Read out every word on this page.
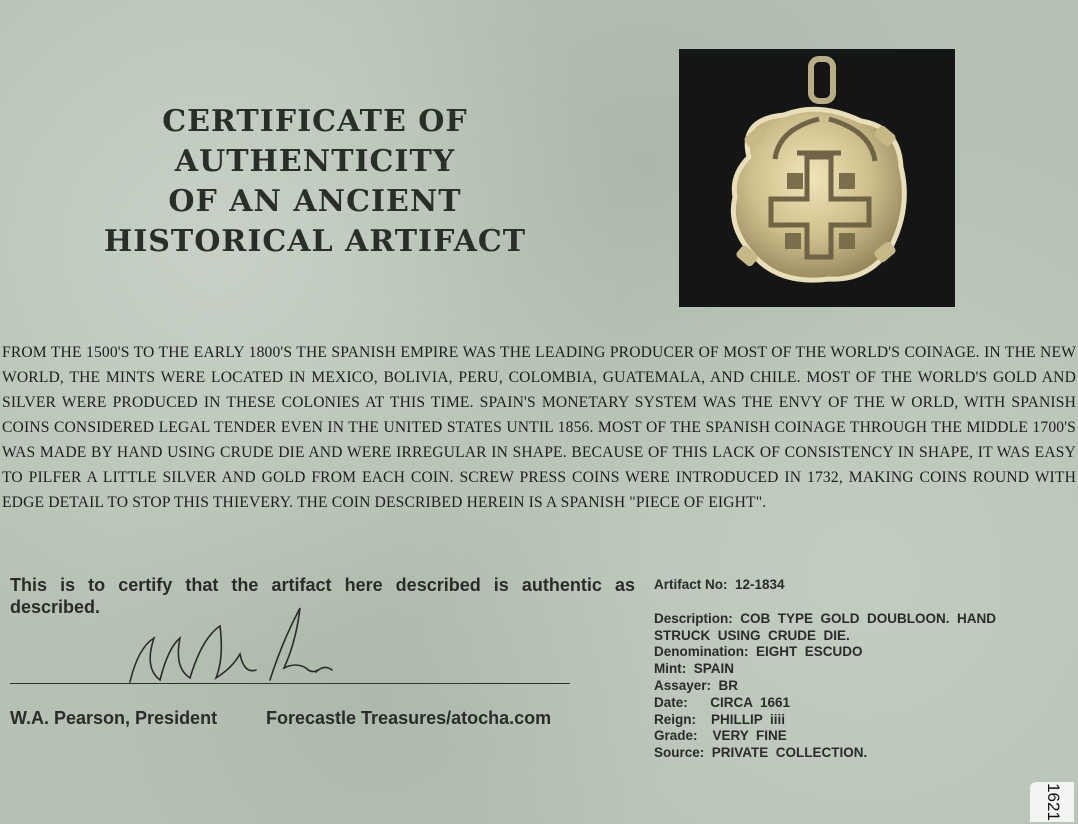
CERTIFICATE OF AUTHENTICITY
OF AN ANCIENT
HISTORICAL ARTIFACT
FROM THE 1500'S TO THE EARLY 1800'S THE SPANISH EMPIRE WAS THE LEADING PRODUCER OF MOST OF THE WORLD'S COINAGE. IN THE NEW WORLD, THE MINTS WERE LOCATED IN MEXICO, BOLIVIA, PERU, COLOMBIA, GUATEMALA, AND CHILE. MOST OF THE WORLD'S GOLD AND SILVER WERE PRODUCED IN THESE COLONIES AT THIS TIME. SPAIN'S MONETARY SYSTEM WAS THE ENVY OF THE W ORLD, WITH SPANISH COINS CONSIDERED LEGAL TENDER EVEN IN THE UNITED STATES UNTIL 1856. MOST OF THE SPANISH COINAGE THROUGH THE MIDDLE 1700'S WAS MADE BY HAND USING CRUDE DIE AND WERE IRREGULAR IN SHAPE. BECAUSE OF THIS LACK OF CONSISTENCY IN SHAPE, IT WAS EASY TO PILFER A LITTLE SILVER AND GOLD FROM EACH COIN. SCREW PRESS COINS WERE INTRODUCED IN 1732, MAKING COINS ROUND WITH EDGE DETAIL TO STOP THIS THIEVERY. THE COIN DESCRIBED HEREIN IS A SPANISH "PIECE OF EIGHT".
This is to certify that the artifact here described is authentic as described.
W.A. Pearson, President	Forecastle Treasures/atocha.com
Artifact No:  12-1834
Description:  COB  TYPE  GOLD  DOUBLOON.  HAND STRUCK  USING  CRUDE  DIE.
Denomination:  EIGHT  ESCUDO
Mint:  SPAIN
Assayer:  BR
Date:      CIRCA  1661
Reign:    PHILLIP  iiii
Grade:    VERY  FINE
Source:  PRIVATE  COLLECTION.
1621
